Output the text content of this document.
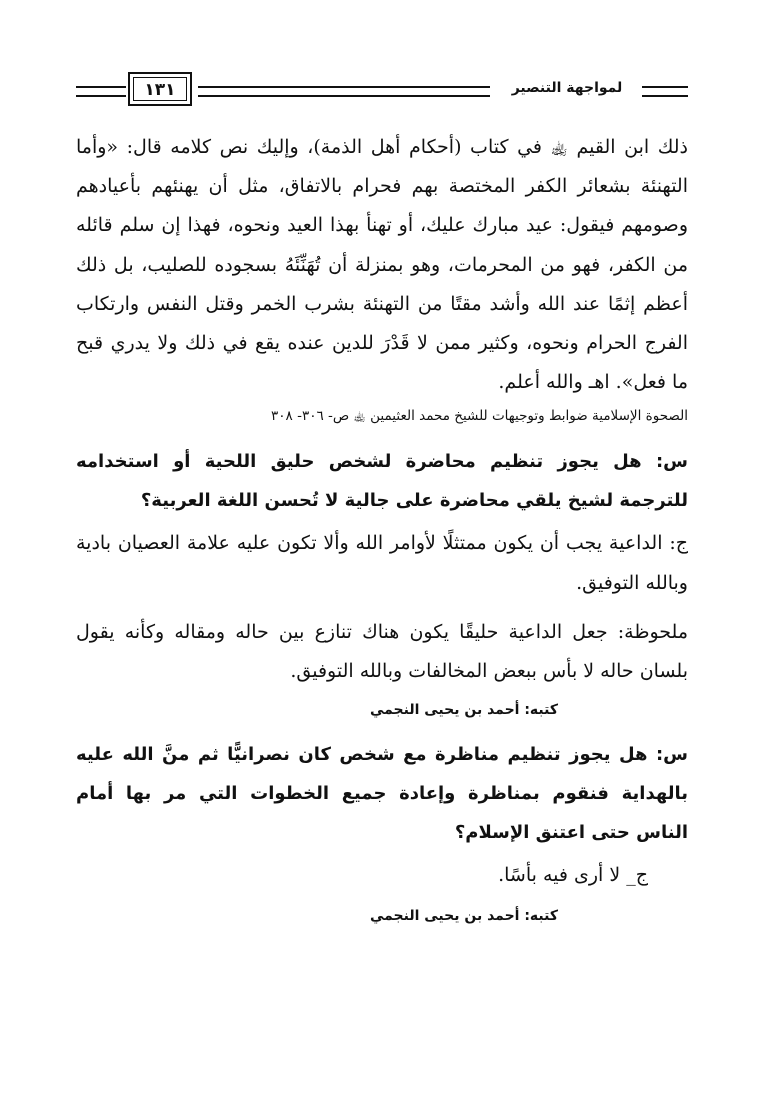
١٣١	لمواجهة التنصير

ذلك ابن القيم ﵀ في كتاب (أحكام أهل الذمة)، وإليك نص كلامه قال: «وأما التهنئة بشعائر الكفر المختصة بهم فحرام بالاتفاق، مثل أن يهنئهم بأعيادهم وصومهم فيقول: عيد مبارك عليك، أو تهنأ بهذا العيد ونحوه، فهذا إن سلم قائله من الكفر، فهو من المحرمات، وهو بمنزلة أن تُهَنِّئَهُ بسجوده للصليب، بل ذلك أعظم إثمًا عند الله وأشد مقتًا من التهنئة بشرب الخمر وقتل النفس وارتكاب الفرج الحرام ونحوه، وكثير ممن لا قَدْرَ للدين عنده يقع في ذلك ولا يدري قبح ما فعل». اهـ والله أعلم.

الصحوة الإسلامية ضوابط وتوجيهات للشيخ محمد العثيمين ﵀ ص- ٣٠٦- ٣٠٨

س: هل يجوز تنظيم محاضرة لشخص حليق اللحية أو استخدامه للترجمة لشيخ يلقي محاضرة على جالية لا تُحسن اللغة العربية؟

ج: الداعية يجب أن يكون ممتثلًا لأوامر الله وألا تكون عليه علامة العصيان بادية وبالله التوفيق.

ملحوظة: جعل الداعية حليقًا يكون هناك تنازع بين حاله ومقاله وكأنه يقول بلسان حاله لا بأس ببعض المخالفات وبالله التوفيق.

كتبه: أحمد بن يحيى النجمي

س: هل يجوز تنظيم مناظرة مع شخص كان نصرانيًّا ثم منَّ الله عليه بالهداية فنقوم بمناظرة وإعادة جميع الخطوات التي مر بها أمام الناس حتى اعتنق الإسلام؟

ج_ لا أرى فيه بأسًا.

كتبه: أحمد بن يحيى النجمي
